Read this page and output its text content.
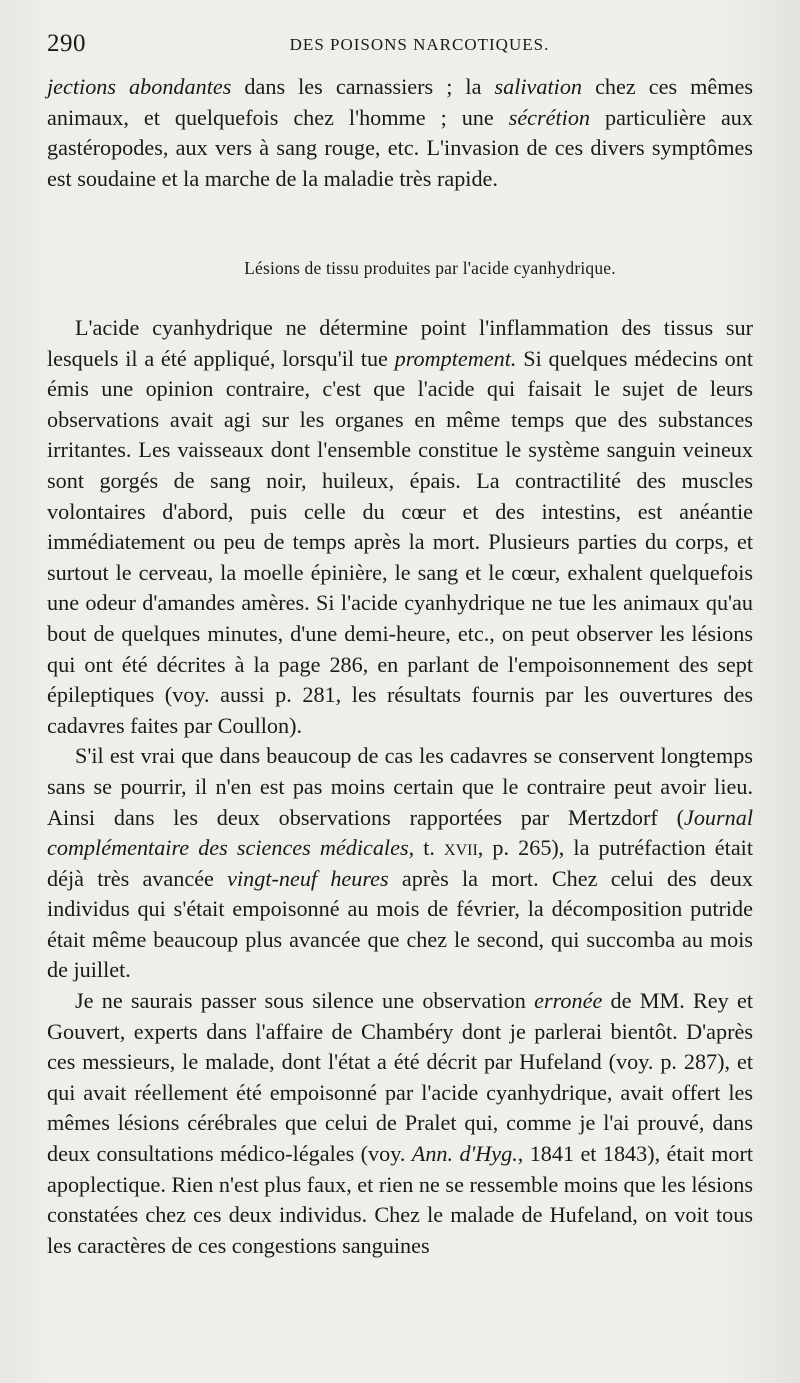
290	DES POISONS NARCOTIQUES.

jections abondantes dans les carnassiers ; la salivation chez ces mêmes animaux, et quelquefois chez l'homme ; une sécrétion particulière aux gastéropodes, aux vers à sang rouge, etc. L'invasion de ces divers symptômes est soudaine et la marche de la maladie très rapide.

Lésions de tissu produites par l'acide cyanhydrique.

L'acide cyanhydrique ne détermine point l'inflammation des tissus sur lesquels il a été appliqué, lorsqu'il tue promptement. Si quelques médecins ont émis une opinion contraire, c'est que l'acide qui faisait le sujet de leurs observations avait agi sur les organes en même temps que des substances irritantes. Les vaisseaux dont l'ensemble constitue le système sanguin veineux sont gorgés de sang noir, huileux, épais. La contractilité des muscles volontaires d'abord, puis celle du cœur et des intestins, est anéantie immédiatement ou peu de temps après la mort. Plusieurs parties du corps, et surtout le cerveau, la moelle épinière, le sang et le cœur, exhalent quelquefois une odeur d'amandes amères. Si l'acide cyanhydrique ne tue les animaux qu'au bout de quelques minutes, d'une demi-heure, etc., on peut observer les lésions qui ont été décrites à la page 286, en parlant de l'empoisonnement des sept épileptiques (voy. aussi p. 281, les résultats fournis par les ouvertures des cadavres faites par Coullon).

S'il est vrai que dans beaucoup de cas les cadavres se conservent longtemps sans se pourrir, il n'en est pas moins certain que le contraire peut avoir lieu. Ainsi dans les deux observations rapportées par Mertzdorf (Journal complémentaire des sciences médicales, t. xvii, p. 265), la putréfaction était déjà très avancée vingt-neuf heures après la mort. Chez celui des deux individus qui s'était empoisonné au mois de février, la décomposition putride était même beaucoup plus avancée que chez le second, qui succomba au mois de juillet.

Je ne saurais passer sous silence une observation erronée de MM. Rey et Gouvert, experts dans l'affaire de Chambéry dont je parlerai bientôt. D'après ces messieurs, le malade, dont l'état a été décrit par Hufeland (voy. p. 287), et qui avait réellement été empoisonné par l'acide cyanhydrique, avait offert les mêmes lésions cérébrales que celui de Pralet qui, comme je l'ai prouvé, dans deux consultations médico-légales (voy. Ann. d'Hyg., 1841 et 1843), était mort apoplectique. Rien n'est plus faux, et rien ne se ressemble moins que les lésions constatées chez ces deux individus. Chez le malade de Hufeland, on voit tous les caractères de ces congestions sanguines
